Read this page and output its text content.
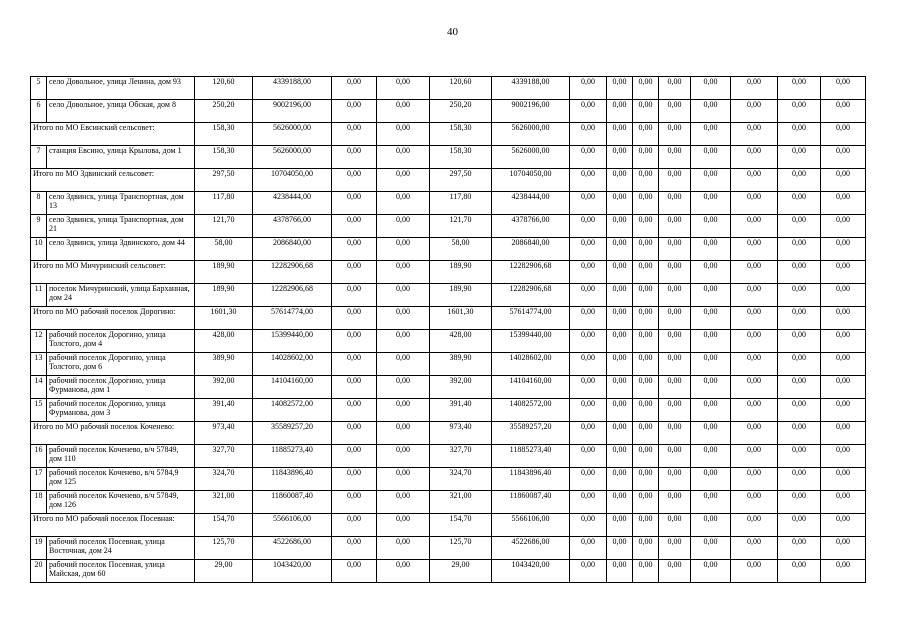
40
5	село Довольное, улица Ленина, дом 93	120,60	4339188,00	0,00	0,00	120,60	4339188,00	0,00	0,00	0,00	0,00	0,00	0,00	0,00	0,00
6	село Довольное, улица Обская, дом 8	250,20	9002196,00	0,00	0,00	250,20	9002196,00	0,00	0,00	0,00	0,00	0,00	0,00	0,00	0,00
Итого по МО Евсинский сельсовет:		158,30	5626000,00	0,00	0,00	158,30	5626000,00	0,00	0,00	0,00	0,00	0,00	0,00	0,00	0,00
7	станция Евсино, улица Крылова, дом 1	158,30	5626000,00	0,00	0,00	158,30	5626000,00	0,00	0,00	0,00	0,00	0,00	0,00	0,00	0,00
Итого по МО Здвинский сельсовет:		297,50	10704050,00	0,00	0,00	297,50	10704050,00	0,00	0,00	0,00	0,00	0,00	0,00	0,00	0,00
8	село Здвинск, улица Транспортная, дом 13	117,80	4238444,00	0,00	0,00	117,80	4238444,00	0,00	0,00	0,00	0,00	0,00	0,00	0,00	0,00
9	село Здвинск, улица Транспортная, дом 21	121,70	4378766,00	0,00	0,00	121,70	4378766,00	0,00	0,00	0,00	0,00	0,00	0,00	0,00	0,00
10	село Здвинск, улица Здвинского, дом 44	58,00	2086840,00	0,00	0,00	58,00	2086840,00	0,00	0,00	0,00	0,00	0,00	0,00	0,00	0,00
Итого по МО Мичуринский сельсовет:		189,90	12282906,68	0,00	0,00	189,90	12282906,68	0,00	0,00	0,00	0,00	0,00	0,00	0,00	0,00
11	поселок Мичуринский, улица Барханная, дом 24	189,90	12282906,68	0,00	0,00	189,90	12282906,68	0,00	0,00	0,00	0,00	0,00	0,00	0,00	0,00
Итого по МО рабочий поселок Дорогино:		1601,30	57614774,00	0,00	0,00	1601,30	57614774,00	0,00	0,00	0,00	0,00	0,00	0,00	0,00	0,00
12	рабочий поселок Дорогино, улица Толстого, дом 4	428,00	15399440,00	0,00	0,00	428,00	15399440,00	0,00	0,00	0,00	0,00	0,00	0,00	0,00	0,00
13	рабочий поселок Дорогино, улица Толстого, дом 6	389,90	14028602,00	0,00	0,00	389,90	14028602,00	0,00	0,00	0,00	0,00	0,00	0,00	0,00	0,00
14	рабочий поселок Дорогино, улица Фурманова, дом 1	392,00	14104160,00	0,00	0,00	392,00	14104160,00	0,00	0,00	0,00	0,00	0,00	0,00	0,00	0,00
15	рабочий поселок Дорогино, улица Фурманова, дом 3	391,40	14082572,00	0,00	0,00	391,40	14082572,00	0,00	0,00	0,00	0,00	0,00	0,00	0,00	0,00
Итого по МО рабочий поселок Коченево:		973,40	35589257,20	0,00	0,00	973,40	35589257,20	0,00	0,00	0,00	0,00	0,00	0,00	0,00	0,00
16	рабочий поселок Коченево, в/ч 57849, дом 110	327,70	11885273,40	0,00	0,00	327,70	11885273,40	0,00	0,00	0,00	0,00	0,00	0,00	0,00	0,00
17	рабочий поселок Коченево, в/ч 5784,9 дом 125	324,70	11843896,40	0,00	0,00	324,70	11843896,40	0,00	0,00	0,00	0,00	0,00	0,00	0,00	0,00
18	рабочий поселок Коченево, в/ч 57849, дом 126	321,00	11860087,40	0,00	0,00	321,00	11860087,40	0,00	0,00	0,00	0,00	0,00	0,00	0,00	0,00
Итого по МО рабочий поселок Посевная:		154,70	5566106,00	0,00	0,00	154,70	5566106,00	0,00	0,00	0,00	0,00	0,00	0,00	0,00	0,00
19	рабочий поселок Посевная, улица Восточная, дом 24	125,70	4522686,00	0,00	0,00	125,70	4522686,00	0,00	0,00	0,00	0,00	0,00	0,00	0,00	0,00
20	рабочий поселок Посевная, улица Майская, дом 60	29,00	1043420,00	0,00	0,00	29,00	1043420,00	0,00	0,00	0,00	0,00	0,00	0,00	0,00	0,00
